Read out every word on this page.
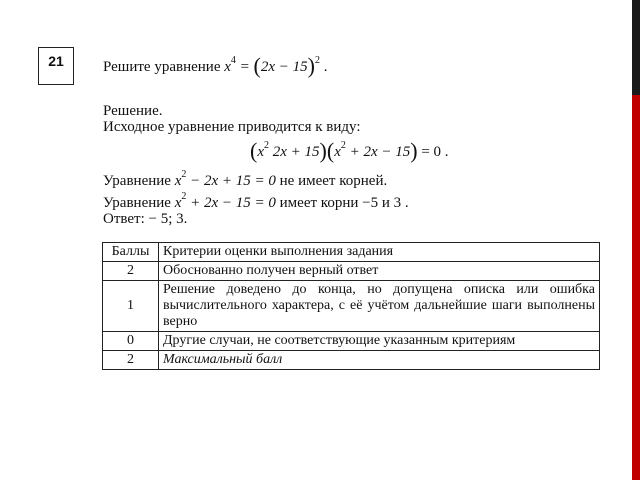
21	Решите уравнение $x^4 = (2x - 15)^2$ .
Решение.
Исходное уравнение приводится к виду:
($x^2$ $2x + 15)(x^2 + 2x - 15) = 0$ .
Уравнение $x^2 - 2x + 15 = 0$ не имеет корней.
Уравнение $x^2 + 2x - 15 = 0$ имеет корни −5 и 3 .
Ответ: − 5; 3.
Баллы	Критерии оценки выполнения задания
2	Обоснованно получен верный ответ
1	Решение доведено до конца, но допущена описка или ошибка вычислительного характера, с её учётом дальнейшие шаги выполнены верно
0	Другие случаи, не соответствующие указанным критериям
2	Максимальный балл
